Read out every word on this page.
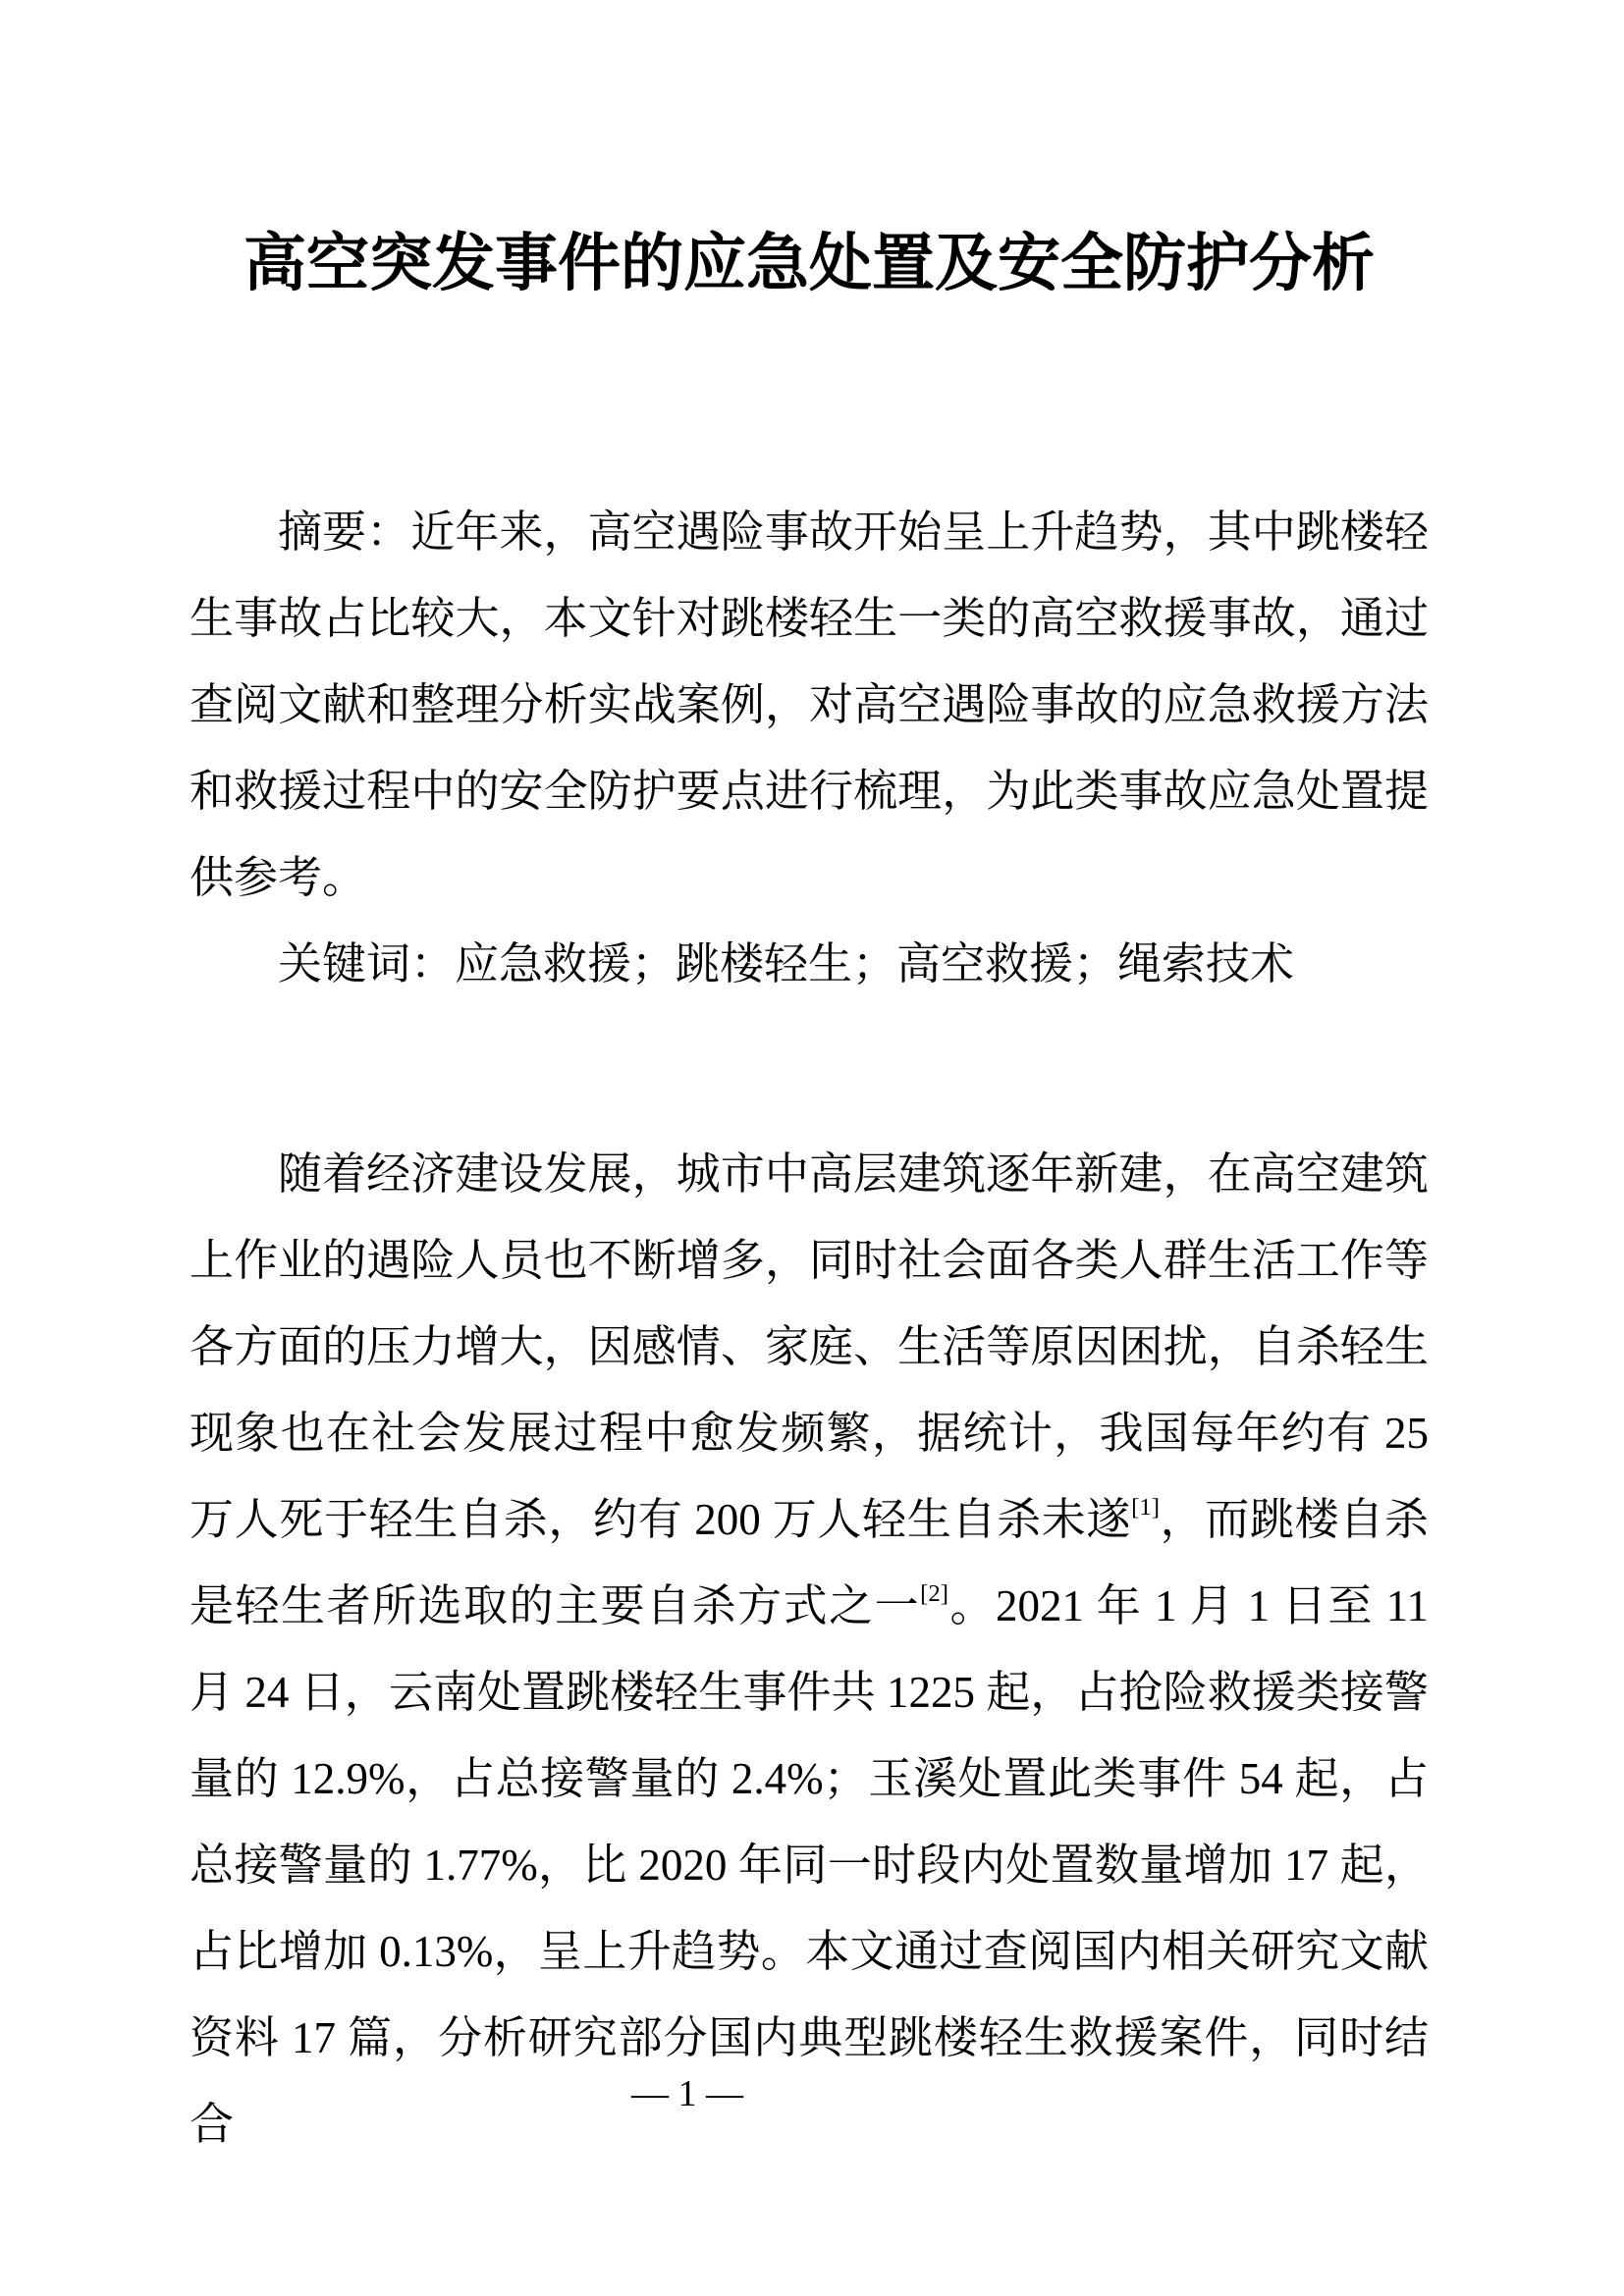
高空突发事件的应急处置及安全防护分析

摘要：近年来，高空遇险事故开始呈上升趋势，其中跳楼轻生事故占比较大，本文针对跳楼轻生一类的高空救援事故，通过查阅文献和整理分析实战案例，对高空遇险事故的应急救援方法和救援过程中的安全防护要点进行梳理，为此类事故应急处置提供参考。

关键词：应急救援；跳楼轻生；高空救援；绳索技术

随着经济建设发展，城市中高层建筑逐年新建，在高空建筑上作业的遇险人员也不断增多，同时社会面各类人群生活工作等各方面的压力增大，因感情、家庭、生活等原因困扰，自杀轻生现象也在社会发展过程中愈发频繁，据统计，我国每年约有 25 万人死于轻生自杀，约有 200 万人轻生自杀未遂[1]，而跳楼自杀是轻生者所选取的主要自杀方式之一[2]。2021 年 1 月 1 日至 11 月 24 日，云南处置跳楼轻生事件共 1225 起，占抢险救援类接警量的 12.9%，占总接警量的 2.4%；玉溪处置此类事件 54 起，占总接警量的 1.77%，比 2020 年同一时段内处置数量增加 17 起，占比增加 0.13%，呈上升趋势。本文通过查阅国内相关研究文献资料 17 篇，分析研究部分国内典型跳楼轻生救援案件，同时结合

— 1 —
